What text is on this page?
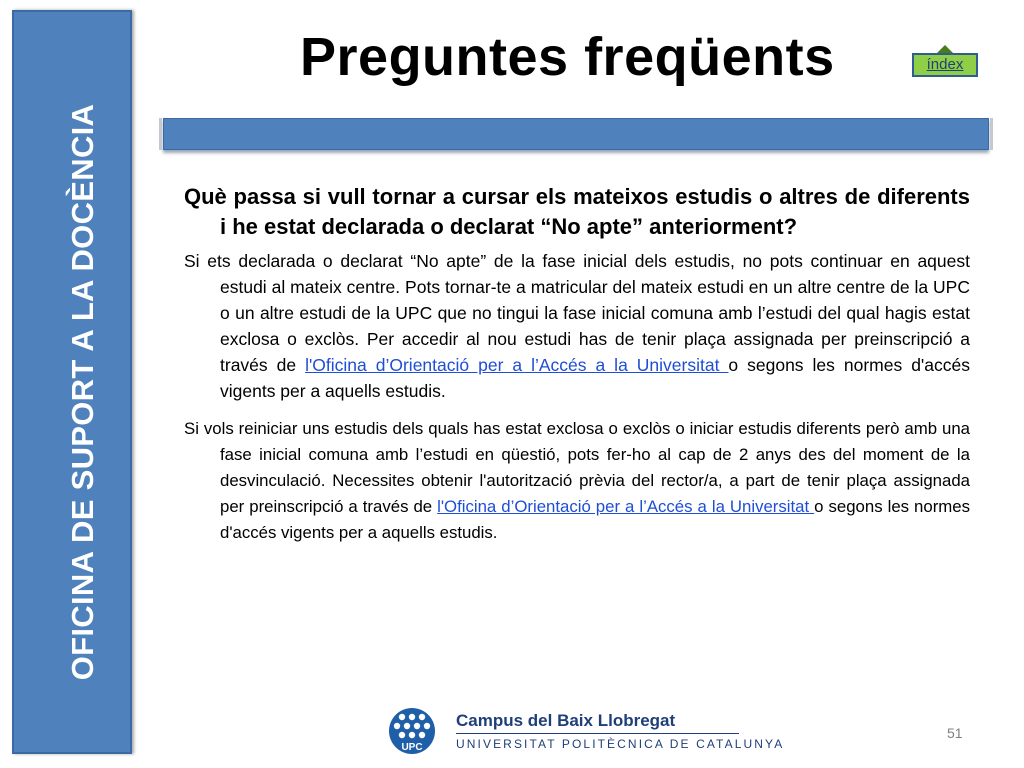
OFICINA DE SUPORT A LA DOCÈNCIA
Preguntes freqüents	índex

Què passa si vull tornar a cursar els mateixos estudis o altres de diferents i he estat declarada o declarat “No apte” anteriorment?

Si ets declarada o declarat “No apte” de la fase inicial dels estudis, no pots continuar en aquest estudi al mateix centre. Pots tornar-te a matricular del mateix estudi en un altre centre de la UPC o un altre estudi de la UPC que no tingui la fase inicial comuna amb l’estudi del qual hagis estat exclosa o exclòs. Per accedir al nou estudi has de tenir plaça assignada per preinscripció a través de l'Oficina d’Orientació per a l’Accés a la Universitat o segons les normes d'accés vigents per a aquells estudis.

Si vols reiniciar uns estudis dels quals has estat exclosa o exclòs o iniciar estudis diferents però amb una fase inicial comuna amb l’estudi en qüestió, pots fer-ho al cap de 2 anys des del moment de la desvinculació. Necessites obtenir l'autorització prèvia del rector/a, a part de tenir plaça assignada per preinscripció a través de l'Oficina d’Orientació per a l’Accés a la Universitat o segons les normes d'accés vigents per a aquells estudis.

UPC
Campus del Baix Llobregat
UNIVERSITAT POLITÈCNICA DE CATALUNYA
51
